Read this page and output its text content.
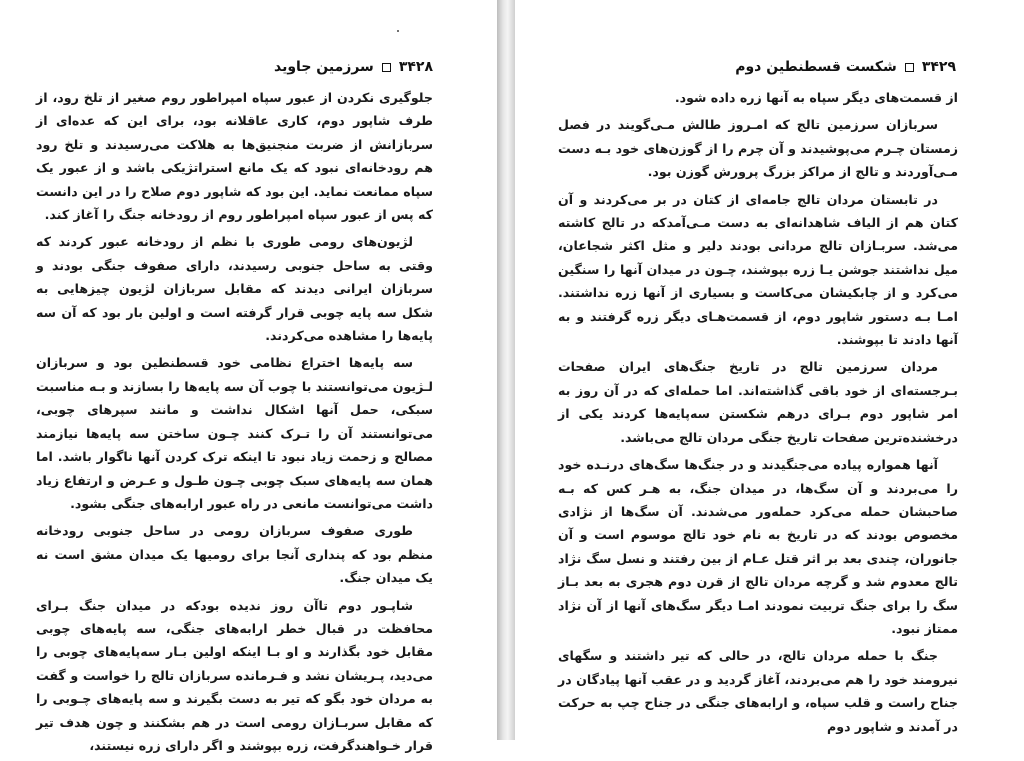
۳۴۲۸
سرزمین جاوید

جلوگیری نکردن از عبور سپاه امپراطور روم صغیر از تلخ رود، از طرف شاپور دوم، کاری عاقلانه بود، برای این که عده‌ای از سربازانش از ضربت منجنیق‌ها به هلاکت می‌رسیدند و تلخ رود هم رودخانه‌ای نبود که یک مانع استراتژیکی باشد و از عبور یک سپاه ممانعت نماید. این بود که شاپور دوم صلاح را در این دانست که پس از عبور سپاه امپراطور روم از رودخانه جنگ را آغاز کند.

لژیون‌های رومی طوری با نظم از رودخانه عبور کردند که وقتی به ساحل جنوبی رسیدند، دارای صفوف جنگی بودند و سربازان ایرانی دیدند که مقابل سربازان لژیون چیزهایی به شکل سه پایه چوبی قرار گرفته است و اولین بار بود که آن سه پایه‌ها را مشاهده می‌کردند.

سه پایه‌ها اختراع نظامی خود قسطنطین بود و سربازان لـژیون می‌توانستند با چوب آن سه پایه‌ها را بسازند و بـه مناسبت سبکی، حمل آنها اشکال نداشت و مانند سپرهای چوبی، می‌توانستند آن را تـرک کنند چـون ساختن سه پایه‌ها نیازمند مصالح و زحمت زیاد نبود تا اینکه ترک کردن آنها ناگوار باشد. اما همان سه پایه‌های سبک چوبی چـون طـول و عـرض و ارتفاع زیاد داشت می‌توانست مانعی در راه عبور ارابه‌های جنگی بشود.

طوری صفوف سربازان رومی در ساحل جنوبی رودخانه منظم بود که پنداری آنجا برای رومیها یک میدان مشق است نه یک میدان جنگ.

شاپـور دوم تاآن روز ندیده بودکه در میدان جنگ بـرای محافظت در قبال خطر ارابه‌های جنگی، سه پایه‌های چوبی مقابل خود بگذارند و او بـا اینکه اولین بـار سه‌پایه‌های چوبی را می‌دید، پـریشان نشد و فـرمانده سربازان تالج را خواست و گفت به مردان خود بگو که تیر به دست بگیرند و سه پایه‌های چـوبی را که مقابل سربـازان رومی است در هم بشکنند و چون هدف تیر قرار خـواهندگرفت، زره بپوشند و اگر دارای زره نیستند،

۳۴۲۹
شکست قسطنطین دوم

از قسمت‌های دیگر سپاه به آنها زره داده شود.

سربازان سرزمین تالج که امـروز طالش مـی‌گویند در فصل زمستان چـرم می‌پوشیدند و آن چرم را از گوزن‌های خود بـه دست مـی‌آوردند و تالج از مراکز بزرگ پرورش گوزن بود.

در تابستان مردان تالج جامه‌ای از کتان در بر می‌کردند و آن کتان هم از الیاف شاهدانه‌ای به دست مـی‌آمدکه در تالج کاشته می‌شد. سربـازان تالج مردانی بودند دلیر و مثل اکثر شجاعان، میل نداشتند جوشن یـا زره بپوشند، چـون در میدان آنها را سنگین می‌کرد و از چابکیشان می‌کاست و بسیاری از آنها زره نداشتند. امـا بـه دستور شاپور دوم، از قسمت‌هـای دیگر زره گرفتند و به آنها دادند تا بپوشند.

مردان سرزمین تالج در تاریخ جنگ‌های ایران صفحات بـرجسته‌ای از خود باقی گذاشته‌اند. اما حمله‌ای که در آن روز به امر شاپور دوم بـرای درهم شکستن سه‌پایه‌ها کردند یکی از درخشنده‌ترین صفحات تاریخ جنگی مردان تالج می‌باشد.

آنها همواره پیاده می‌جنگیدند و در جنگ‌ها سگ‌های درنـده خود را می‌بردند و آن سگ‌ها، در میدان جنگ، به هـر کس که بـه صاحبشان حمله می‌کرد حمله‌ور می‌شدند. آن سگ‌ها از نژادی مخصوص بودند که در تاریخ به نام خود تالج موسوم است و آن جانوران، چندی بعد بر اثر قتل عـام از بین رفتند و نسل سگ نژاد تالج معدوم شد و گرچه مردان تالج از قرن دوم هجری به بعد بـاز سگ را برای جنگ تربیت نمودند امـا دیگر سگ‌های آنها از آن نژاد ممتاز نبود.

جنگ با حمله مردان تالج، در حالی که تیر داشتند و سگهای نیرومند خود را هم می‌بردند، آغاز گردید و در عقب آنها پیادگان در جناح راست و قلب سپاه، و ارابه‌های جنگی در جناح چپ به حرکت در آمدند و شاپور دوم
